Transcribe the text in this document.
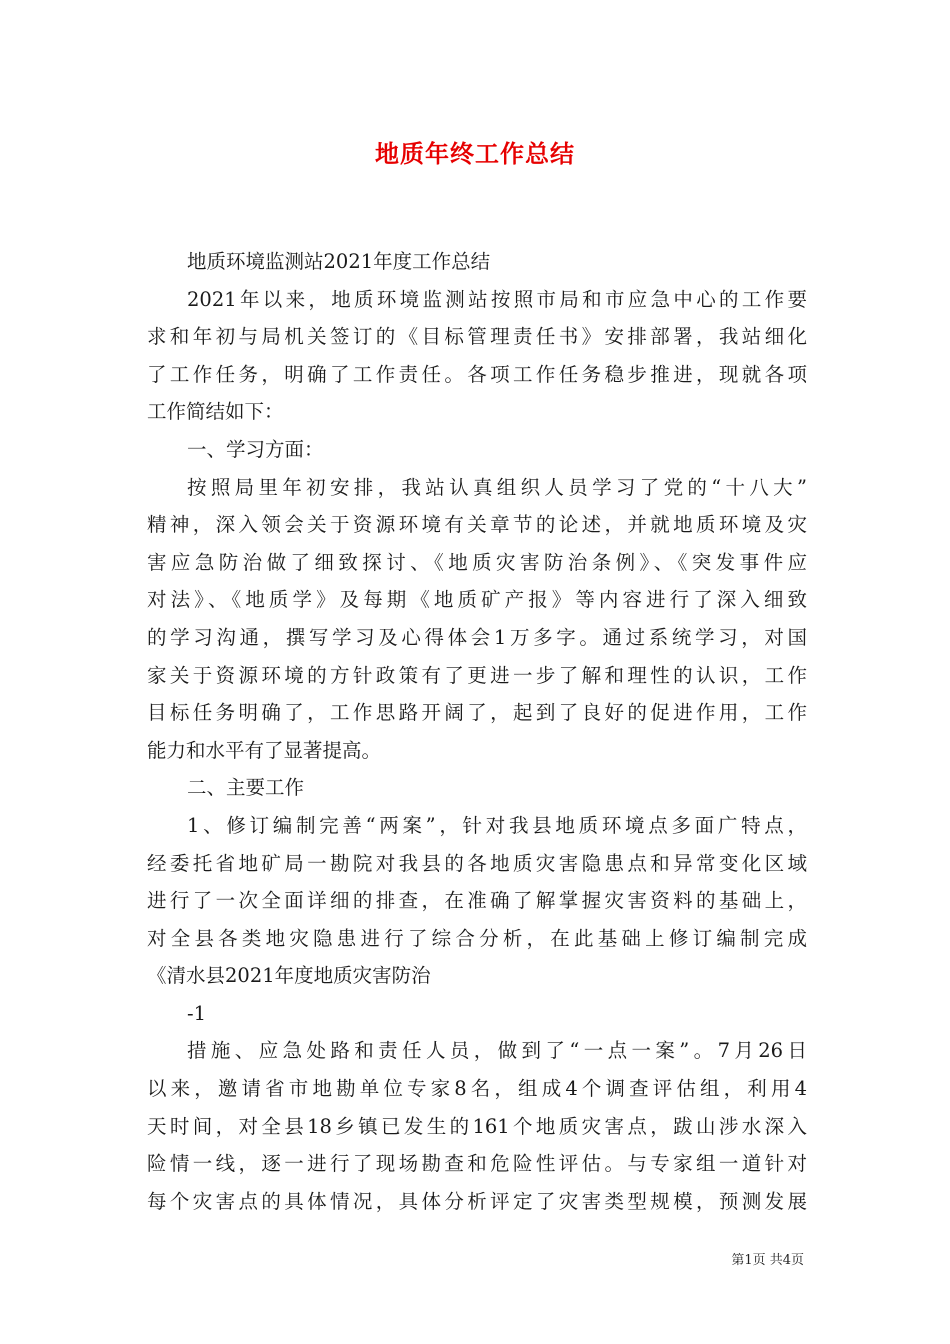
地质年终工作总结
地质环境监测站2021年度工作总结
2021年以来，地质环境监测站按照市局和市应急中心的工作要
求和年初与局机关签订的《目标管理责任书》安排部署，我站细化
了工作任务，明确了工作责任。各项工作任务稳步推进，现就各项
工作简结如下：
一、学习方面：
按照局里年初安排，我站认真组织人员学习了党的“十八大”
精神，深入领会关于资源环境有关章节的论述，并就地质环境及灾
害应急防治做了细致探讨、《地质灾害防治条例》、《突发事件应
对法》、《地质学》及每期《地质矿产报》等内容进行了深入细致
的学习沟通，撰写学习及心得体会1万多字。通过系统学习，对国
家关于资源环境的方针政策有了更进一步了解和理性的认识，工作
目标任务明确了，工作思路开阔了，起到了良好的促进作用，工作
能力和水平有了显著提高。
二、主要工作
1、修订编制完善“两案”，针对我县地质环境点多面广特点，
经委托省地矿局一勘院对我县的各地质灾害隐患点和异常变化区域
进行了一次全面详细的排查，在准确了解掌握灾害资料的基础上，
对全县各类地灾隐患进行了综合分析，在此基础上修订编制完成
《清水县2021年度地质灾害防治
-1
措施、应急处路和责任人员，做到了“一点一案”。7月26日
以来，邀请省市地勘单位专家8名，组成4个调查评估组，利用4
天时间，对全县18乡镇已发生的161个地质灾害点，跋山涉水深入
险情一线，逐一进行了现场勘查和危险性评估。与专家组一道针对
每个灾害点的具体情况，具体分析评定了灾害类型规模，预测发展
第1页 共4页
